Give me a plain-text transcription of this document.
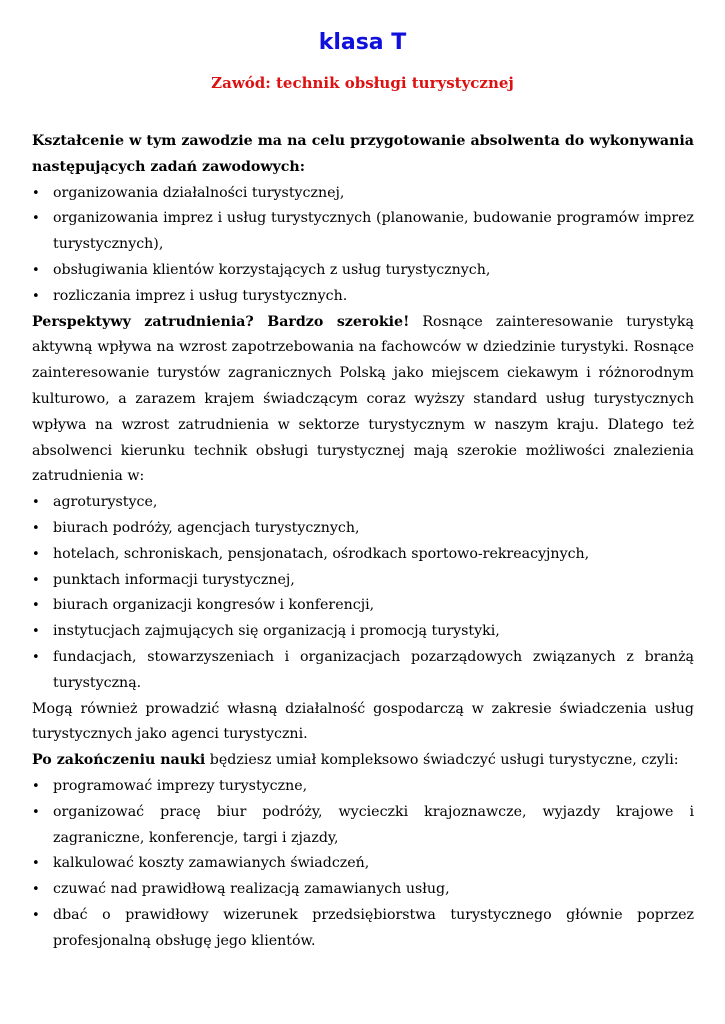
klasa T
Zawód: technik obsługi turystycznej

Kształcenie w tym zawodzie ma na celu przygotowanie absolwenta do wykonywania następujących zadań zawodowych:

• organizowania działalności turystycznej,
• organizowania imprez i usług turystycznych (planowanie, budowanie programów imprez turystycznych),
• obsługiwania klientów korzystających z usług turystycznych,
• rozliczania imprez i usług turystycznych.

Perspektywy zatrudnienia? Bardzo szerokie! Rosnące zainteresowanie turystyką aktywną wpływa na wzrost zapotrzebowania na fachowców w dziedzinie turystyki. Rosnące zainteresowanie turystów zagranicznych Polską jako miejscem ciekawym i różnorodnym kulturowo, a zarazem krajem świadczącym coraz wyższy standard usług turystycznych wpływa na wzrost zatrudnienia w sektorze turystycznym w naszym kraju. Dlatego też absolwenci kierunku technik obsługi turystycznej mają szerokie możliwości znalezienia zatrudnienia w:

• agroturystyce,
• biurach podróży, agencjach turystycznych,
• hotelach, schroniskach, pensjonatach, ośrodkach sportowo-rekreacyjnych,
• punktach informacji turystycznej,
• biurach organizacji kongresów i konferencji,
• instytucjach zajmujących się organizacją i promocją turystyki,
• fundacjach, stowarzyszeniach i organizacjach pozarządowych związanych z branżą turystyczną.

Mogą również prowadzić własną działalność gospodarczą w zakresie świadczenia usług turystycznych jako agenci turystyczni.

Po zakończeniu nauki będziesz umiał kompleksowo świadczyć usługi turystyczne, czyli:

• programować imprezy turystyczne,
• organizować pracę biur podróży, wycieczki krajoznawcze, wyjazdy krajowe i zagraniczne, konferencje, targi i zjazdy,
• kalkulować koszty zamawianych świadczeń,
• czuwać nad prawidłową realizacją zamawianych usług,
• dbać o prawidłowy wizerunek przedsiębiorstwa turystycznego głównie poprzez profesjonalną obsługę jego klientów.
